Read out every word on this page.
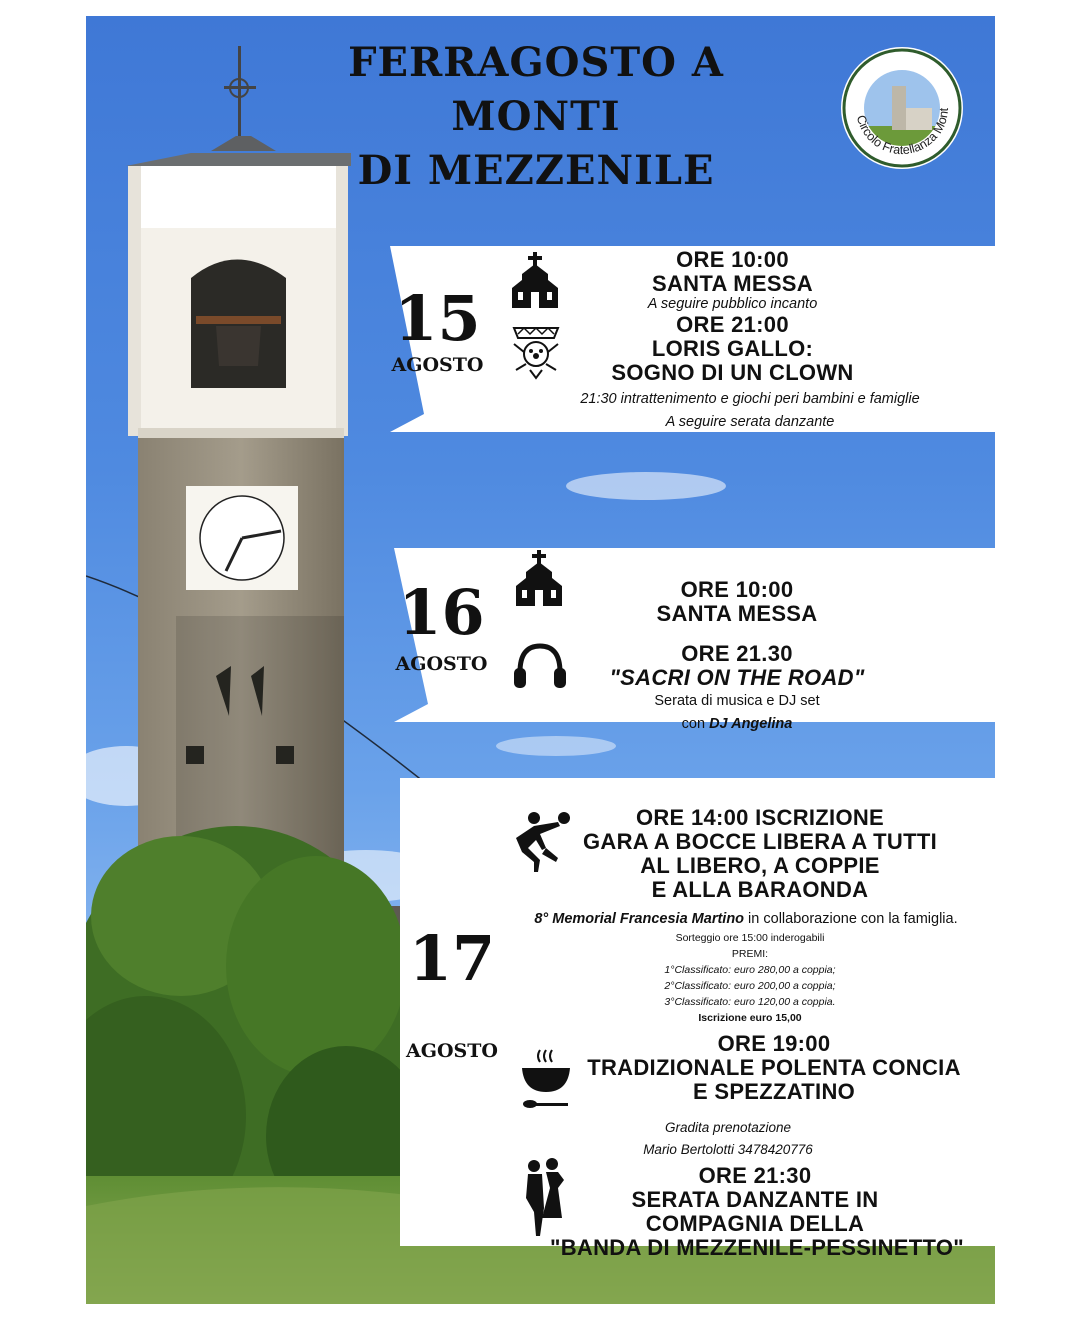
FERRAGOSTO A
MONTI
DI MEZZENILE
Circolo Fratellanza Mont
15
AGOSTO
ORE 10:00
SANTA MESSA
A seguire pubblico incanto
ORE 21:00
LORIS GALLO:
SOGNO DI UN CLOWN
21:30 intrattenimento e giochi peri bambini e famiglie
A seguire serata danzante
16
AGOSTO
ORE 10:00
SANTA MESSA
ORE 21.30
"SACRI ON THE ROAD"
Serata di musica e DJ set
con DJ Angelina
17
AGOSTO
ORE 14:00 ISCRIZIONE
GARA A BOCCE LIBERA A TUTTI
AL LIBERO, A COPPIE
E ALLA BARAONDA
8° Memorial Francesia Martino in collaborazione con la famiglia.
Sorteggio ore 15:00 inderogabili
PREMI:
1°Classificato: euro 280,00 a coppia;
2°Classificato: euro 200,00 a coppia;
3°Classificato: euro 120,00 a coppia.
Iscrizione euro 15,00
ORE 19:00
TRADIZIONALE POLENTA CONCIA
E SPEZZATINO
Gradita prenotazione
Mario Bertolotti 3478420776
ORE 21:30
SERATA DANZANTE IN
COMPAGNIA DELLA
"BANDA DI MEZZENILE-PESSINETTO"
